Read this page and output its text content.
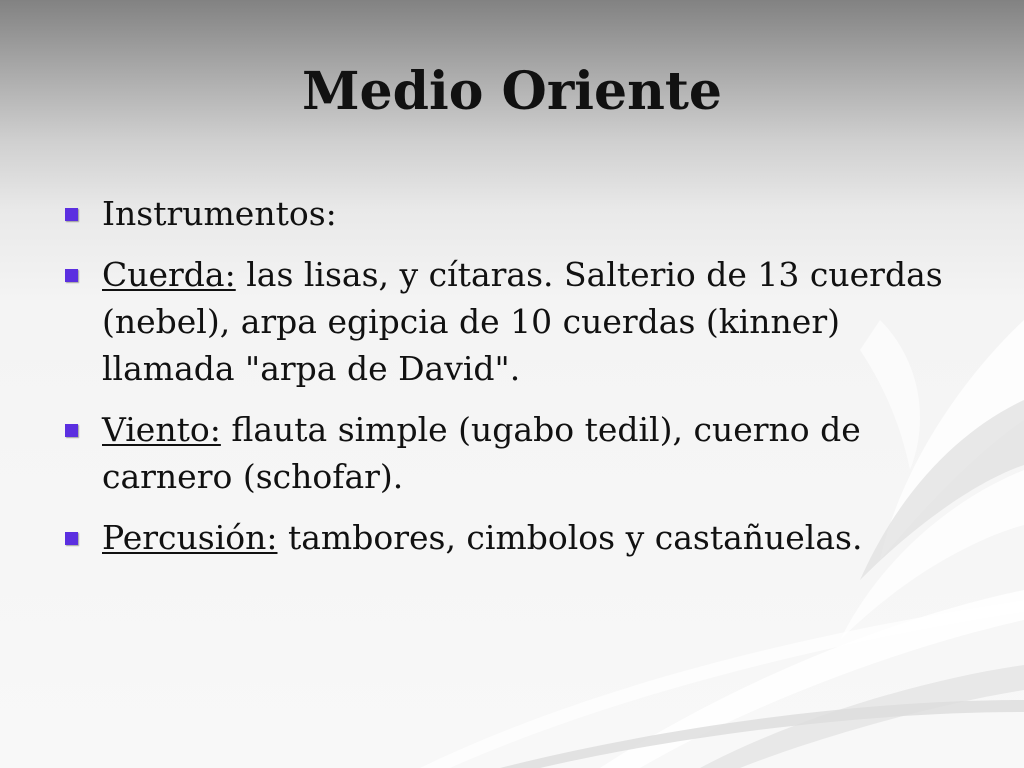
Medio Oriente
Instrumentos:
Cuerda: las lisas, y cítaras. Salterio de 13 cuerdas (nebel), arpa egipcia de 10 cuerdas (kinner) llamada "arpa de David".
Viento: flauta simple (ugabo tedil), cuerno de carnero (schofar).
Percusión: tambores, cimbolos y castañuelas.
